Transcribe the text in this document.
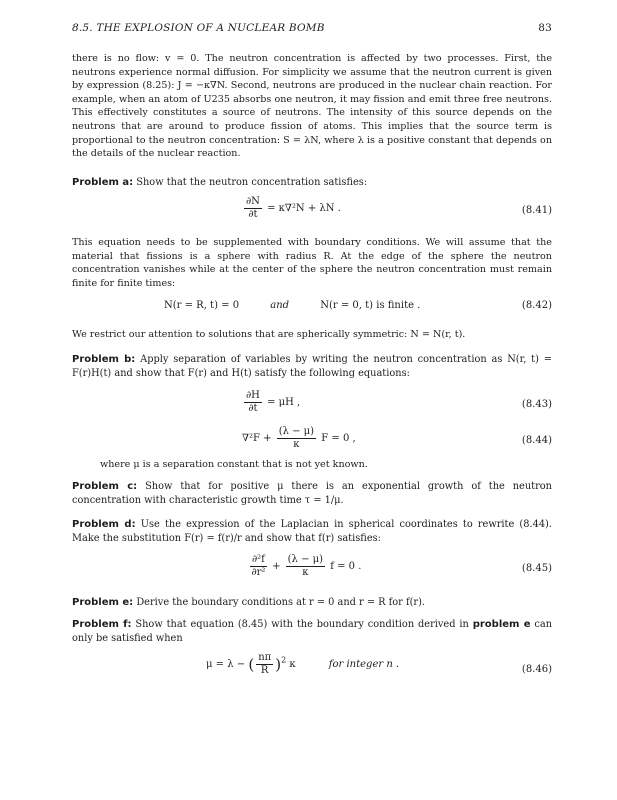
8.5. THE EXPLOSION OF A NUCLEAR BOMB	83

there is no flow: v = 0. The neutron concentration is affected by two processes. First, the neutrons experience normal diffusion. For simplicity we assume that the neutron current is given by expression (8.25): J = −κ∇N. Second, neutrons are produced in the nuclear chain reaction. For example, when an atom of U235 absorbs one neutron, it may fission and emit three free neutrons. This effectively constitutes a source of neutrons. The intensity of this source depends on the neutrons that are around to produce fission of atoms. This implies that the source term is proportional to the neutron concentration: S = λN, where λ is a positive constant that depends on the details of the nuclear reaction.

Problem a: Show that the neutron concentration satisfies:

$\frac{\partial N}{\partial t} = \kappa\nabla^2N + \lambda N$ .	(8.41)

This equation needs to be supplemented with boundary conditions. We will assume that the material that fissions is a sphere with radius R. At the edge of the sphere the neutron concentration vanishes while at the center of the sphere the neutron concentration must remain finite for finite times:

N(r = R, t) = 0	and	N(r = 0, t) is finite .	(8.42)

We restrict our attention to solutions that are spherically symmetric: N = N(r, t).

Problem b: Apply separation of variables by writing the neutron concentration as N(r, t) = F(r)H(t) and show that F(r) and H(t) satisfy the following equations:

$\frac{\partial H}{\partial t} = \mu H$ ,	(8.43)
$\nabla^2F + \frac{(\lambda - \mu)}{\kappa}$ F = 0 ,	(8.44)

where μ is a separation constant that is not yet known.

Problem c: Show that for positive μ there is an exponential growth of the neutron concentration with characteristic growth time τ = 1/μ.

Problem d: Use the expression of the Laplacian in spherical coordinates to rewrite (8.44). Make the substitution F(r) = f(r)/r and show that f(r) satisfies:

$\frac{\text{∂²f}}{\text{∂r²}} + \frac{(\lambda - \mu)}{\kappa}$ f = 0 .	(8.45)

Problem e: Derive the boundary conditions at r = 0 and r = R for f(r).

Problem f: Show that equation (8.45) with the boundary condition derived in problem e can only be satisfied when

μ = λ − ( $\frac{n\pi}{R} )^2$ κ	for integer n .	(8.46)
